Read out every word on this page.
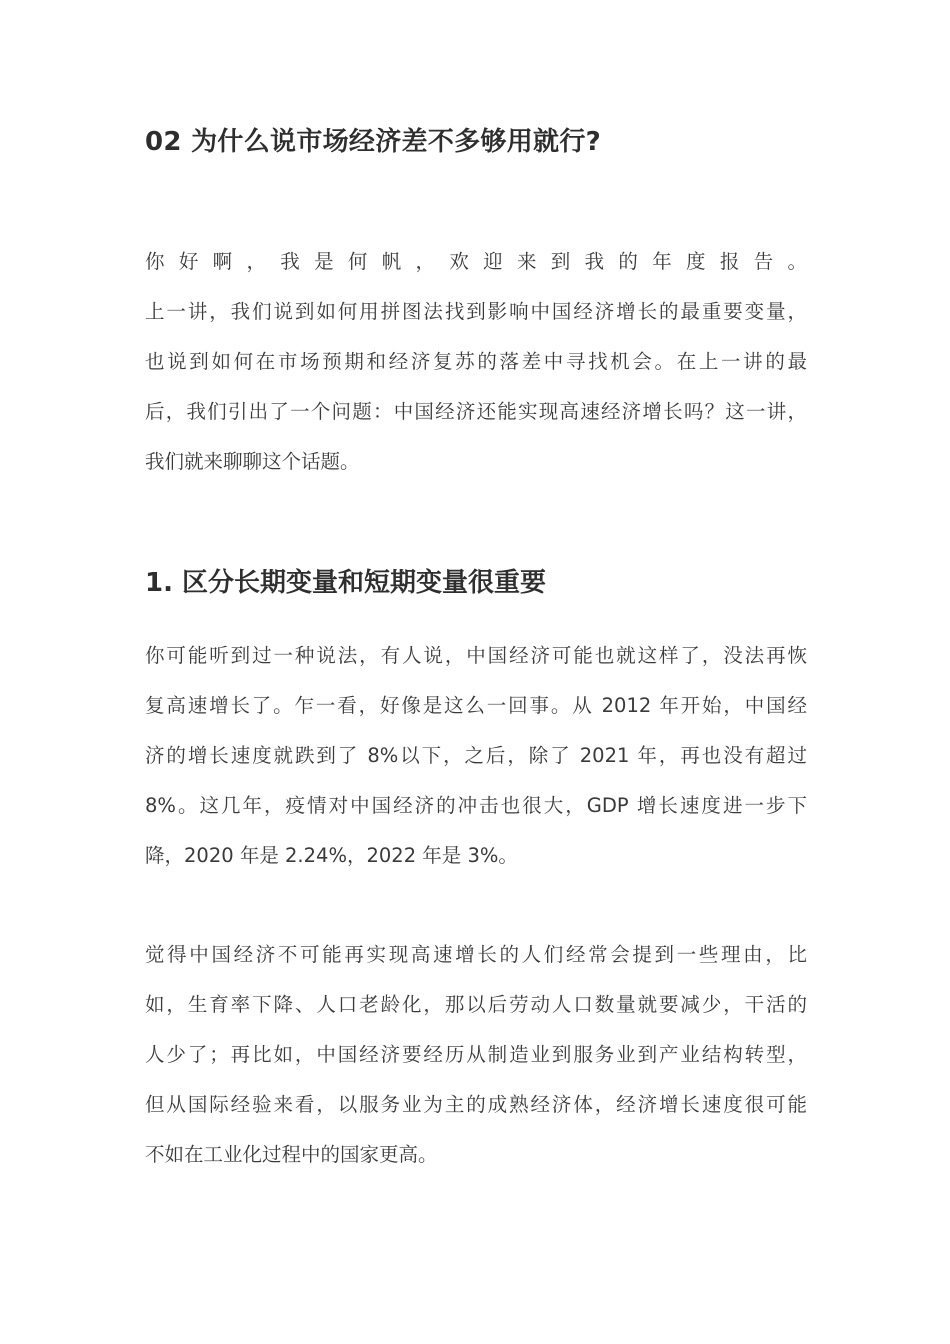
02 为什么说市场经济差不多够用就行?
你好啊，我是何帆，欢迎来到我的年度报告。
上一讲，我们说到如何用拼图法找到影响中国经济增长的最重要变量，
也说到如何在市场预期和经济复苏的落差中寻找机会。在上一讲的最
后，我们引出了一个问题：中国经济还能实现高速经济增长吗？这一讲，
我们就来聊聊这个话题。
1. 区分长期变量和短期变量很重要
你可能听到过一种说法，有人说，中国经济可能也就这样了，没法再恢
复高速增长了。乍一看，好像是这么一回事。从 2012 年开始，中国经
济的增长速度就跌到了 8%以下，之后，除了 2021 年，再也没有超过
8%。这几年，疫情对中国经济的冲击也很大，GDP 增长速度进一步下
降，2020 年是 2.24%，2022 年是 3%。
觉得中国经济不可能再实现高速增长的人们经常会提到一些理由，比
如，生育率下降、人口老龄化，那以后劳动人口数量就要减少，干活的
人少了；再比如，中国经济要经历从制造业到服务业到产业结构转型，
但从国际经验来看，以服务业为主的成熟经济体，经济增长速度很可能
不如在工业化过程中的国家更高。
